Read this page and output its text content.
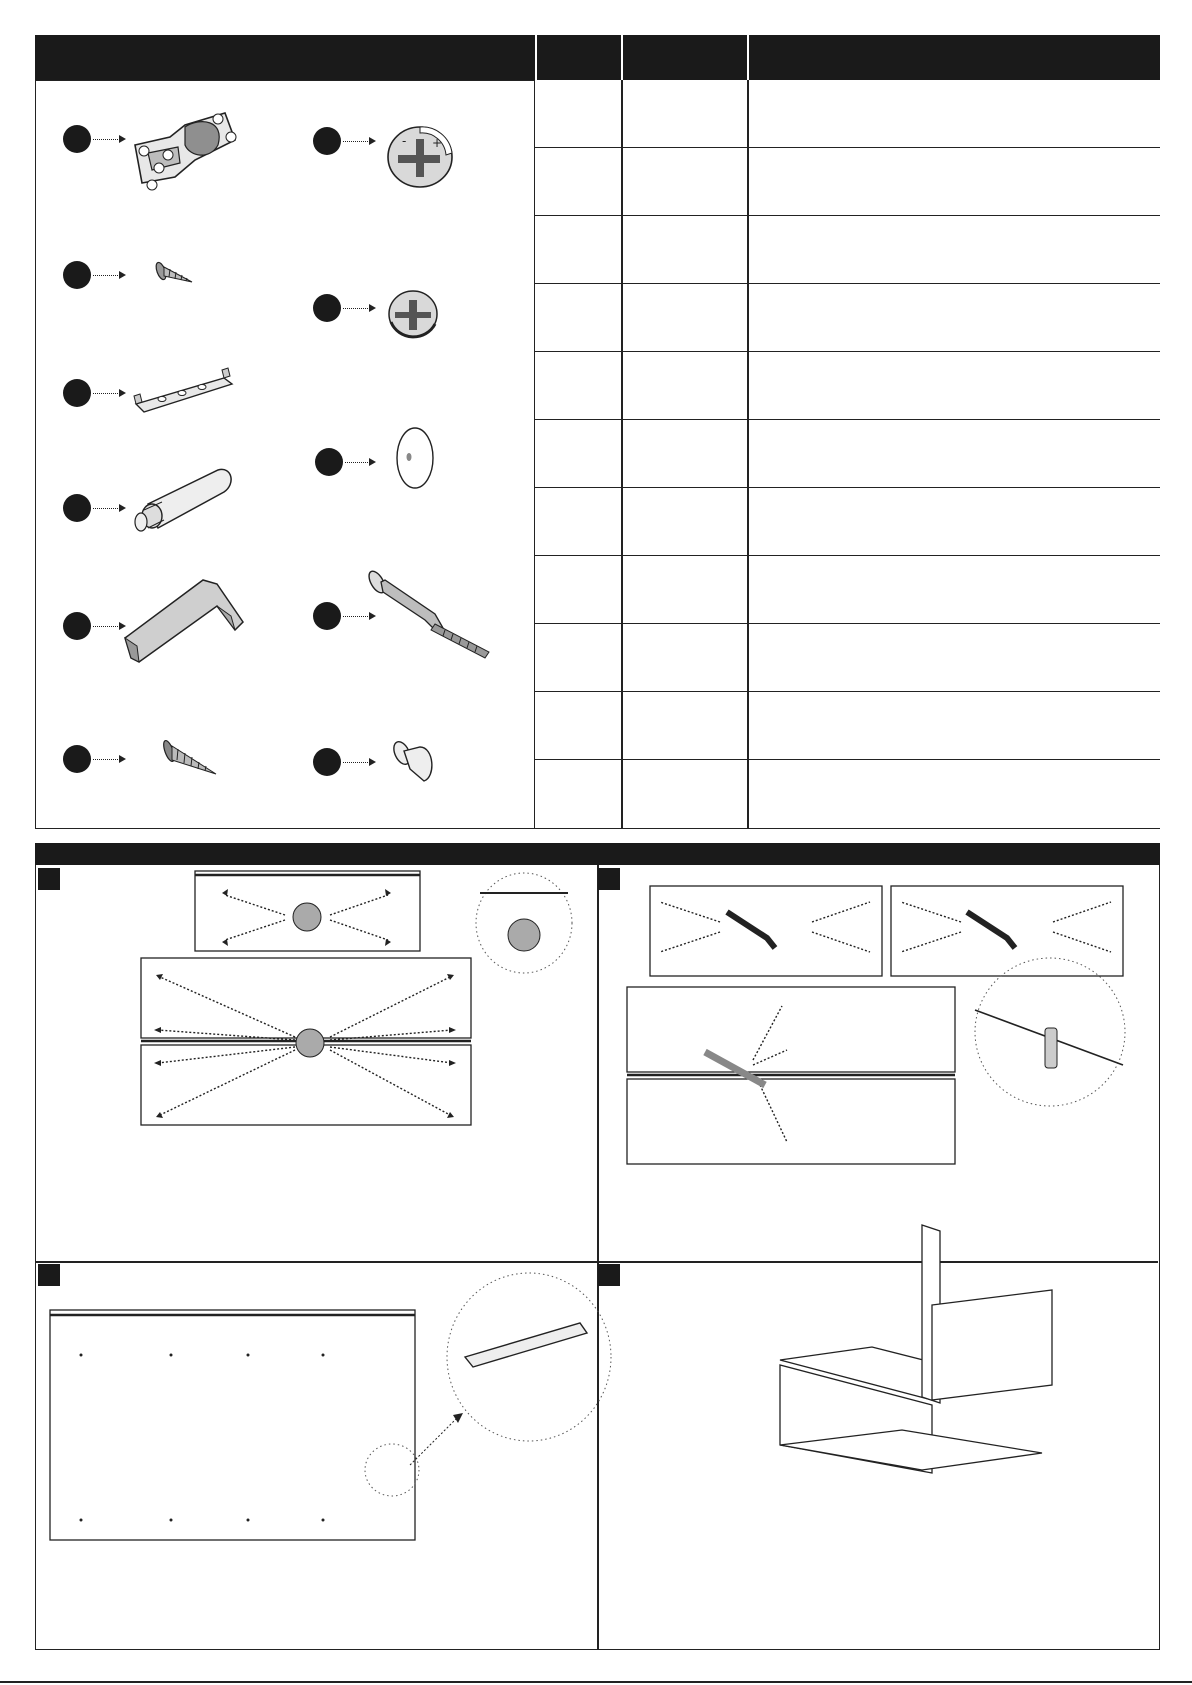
- +
